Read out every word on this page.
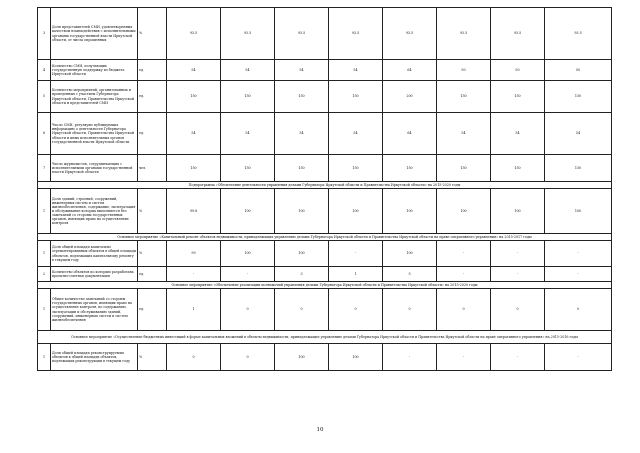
3	Доля представителей СМИ, удовлетворенных качеством взаимодействия с исполнительными органами государственной власти Иркутской области, от числа опрошенных	%	93.5	93.5	93.5	93.5	93.5	93.5	93.5	93.5
4	Количество СМИ, получающих государственную поддержку из бюджета Иркутской области	ед.	54	54	54	54	64	50	50	50
5	Количество мероприятий, организованных и проведенных с участием Губернатора Иркутской области, Правительства Иркутской области и представителей СМИ	ед.	150	150	150	150	200	150	150	150
6	Число СМИ, регулярно публикующих информацию о деятельности Губернатора Иркутской области, Правительства Иркутской области и иных исполнительных органов государственной власти Иркутской области	ед.	54	54	54	54	64	54	54	54
7	Число журналистов, сотрудничающих с исполнительными органами государственной власти Иркутской области	чел.	150	150	150	150	150	150	150	150
Подпрограмма «Обеспечение деятельности управления делами Губернатора Иркутской области и Правительства Иркутской области» на 2015-2020 годы										
1	Доля зданий, строений, сооружений, инженерных систем и систем жизнеобеспечения, содержание, эксплуатация и обслуживание которых выполняется без замечаний со стороны государственных органов, имеющих право на осуществление контроля	%	99.8	100	100	100	100	100	100	100
Основное мероприятие «Капитальный ремонт объектов недвижимости, принадлежащих управлению делами Губернатора Иркутской области и Правительства Иркутской области на праве оперативного управления» на 2015-2017 годы										
1	Доля общей площади капитально отремонтированных объектов в общей площади объектов, подлежащих капитальному ремонту в текущем году	%	99	100	100	-	100	-	-	-
2	Количество объектов по которым разработана проектно-сметная документация	ед.	-	-	3	1	5	-	-	-
Основное мероприятие «Обеспечение реализации полномочий управления делами Губернатора Иркутской области и Правительства Иркутской области» на 2015-2020 годы										
1	Общее количество замечаний со стороны государственных органов, имеющих право на осуществление контроля, по содержанию, эксплуатации и обслуживанию зданий, сооружений, инженерных систем и систем жизнеобеспечения	ед.	1	0	0	0	0	0	0	0
Основное мероприятие «Осуществление бюджетных инвестиций в форме капитальных вложений в объекты недвижимости, принадлежащие управлению делами Губернатора Иркутской области и Правительства Иркутской области на праве оперативного управления» на 2015-2016 годы										
1	Доля общей площади реконструируемых объектов в общей площади объектов, подлежащих реконструкции в текущем году	%	0	0	100	100	-	-	-	-
10
